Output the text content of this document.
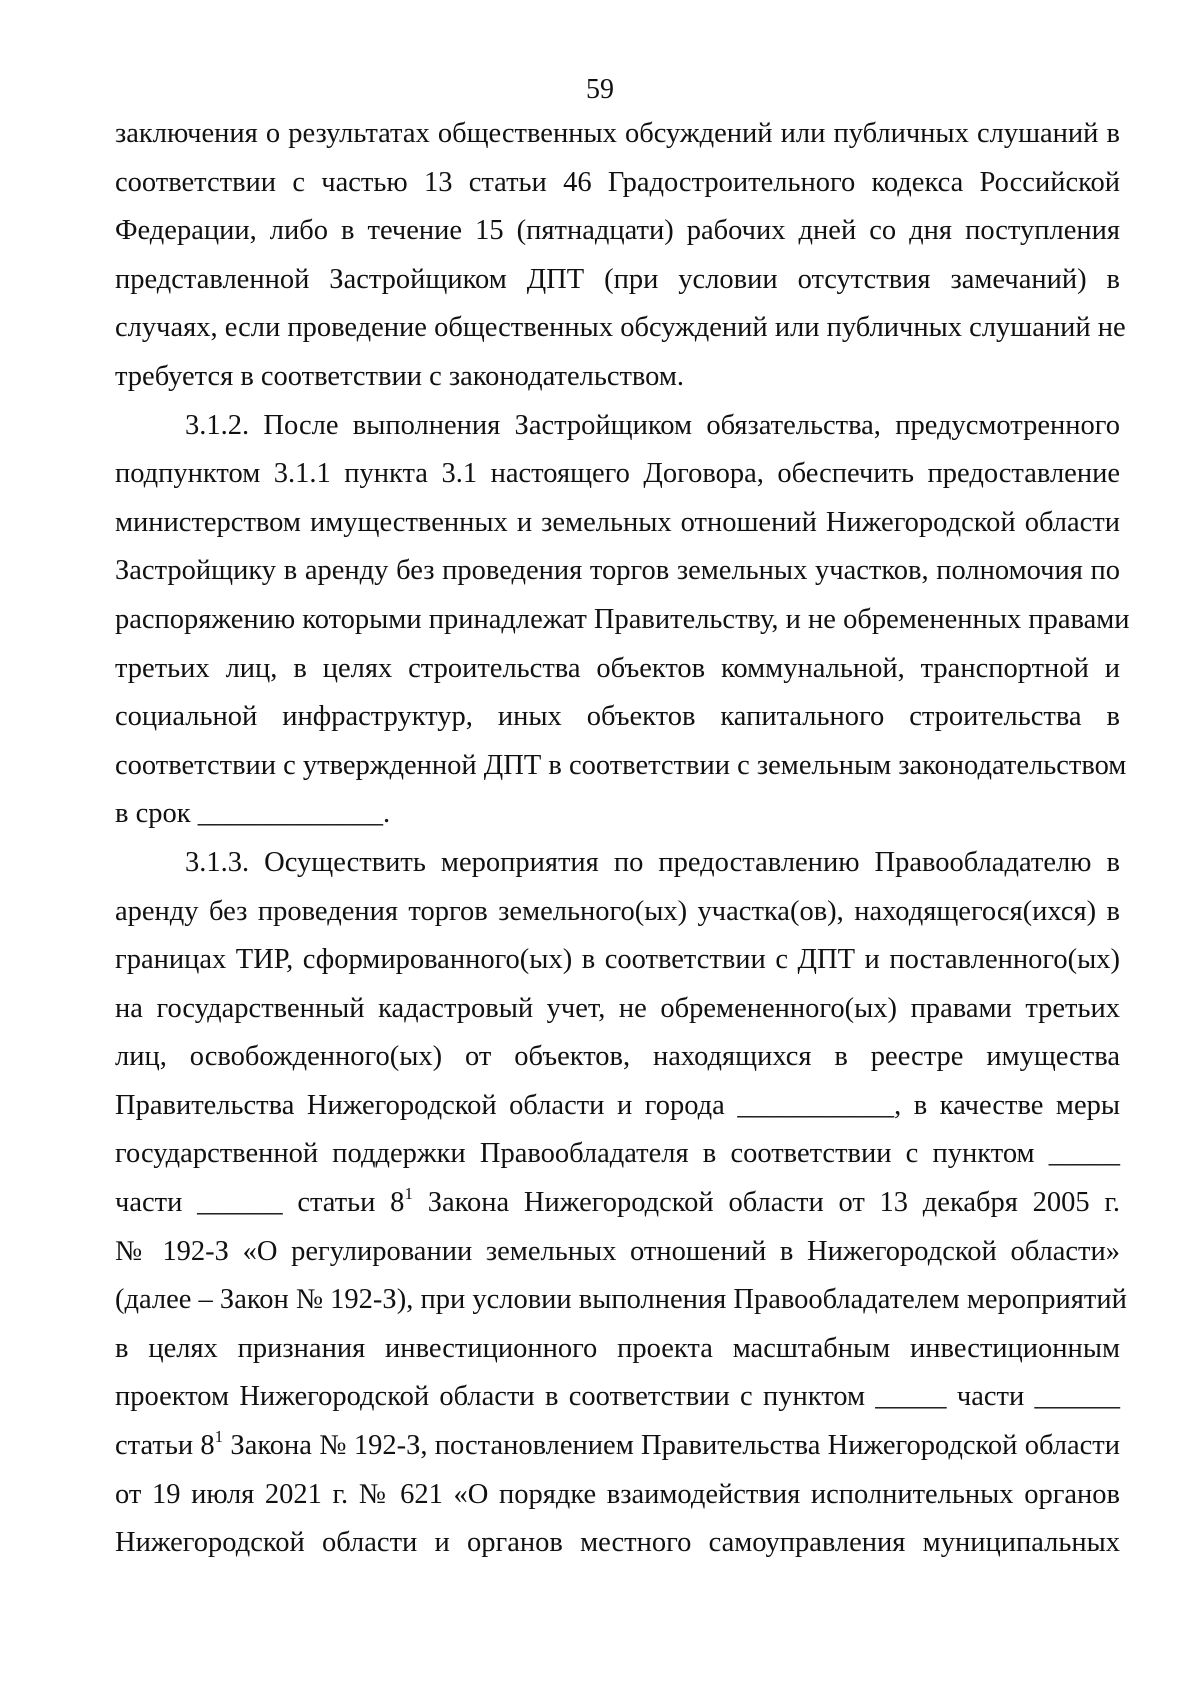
59
заключения о результатах общественных обсуждений или публичных слушаний в
соответствии с частью 13 статьи 46 Градостроительного кодекса Российской
Федерации, либо в течение 15 (пятнадцати) рабочих дней со дня поступления
представленной Застройщиком ДПТ (при условии отсутствия замечаний) в
случаях, если проведение общественных обсуждений или публичных слушаний не
требуется в соответствии с законодательством.
3.1.2. После выполнения Застройщиком обязательства, предусмотренного
подпунктом 3.1.1 пункта 3.1 настоящего Договора, обеспечить предоставление
министерством имущественных и земельных отношений Нижегородской области
Застройщику в аренду без проведения торгов земельных участков, полномочия по
распоряжению которыми принадлежат Правительству, и не обремененных правами
третьих лиц, в целях строительства объектов коммунальной, транспортной и
социальной инфраструктур, иных объектов капитального строительства в
соответствии с утвержденной ДПТ в соответствии с земельным законодательством
в срок _____________.
3.1.3. Осуществить мероприятия по предоставлению Правообладателю в
аренду без проведения торгов земельного(ых) участка(ов), находящегося(ихся) в
границах ТИР, сформированного(ых) в соответствии с ДПТ и поставленного(ых)
на государственный кадастровый учет, не обремененного(ых) правами третьих
лиц, освобожденного(ых) от объектов, находящихся в реестре имущества
Правительства Нижегородской области и города ___________, в качестве меры
государственной поддержки Правообладателя в соответствии с пунктом _____
части ______ статьи $8^1$ Закона Нижегородской области от 13 декабря 2005 г.
№ 192-З «О регулировании земельных отношений в Нижегородской области»
(далее – Закон № 192-З), при условии выполнения Правообладателем мероприятий
в целях признания инвестиционного проекта масштабным инвестиционным
проектом Нижегородской области в соответствии с пунктом _____ части ______
статьи $8^1$ Закона № 192-З, постановлением Правительства Нижегородской области
от 19 июля 2021 г. № 621 «О порядке взаимодействия исполнительных органов
Нижегородской области и органов местного самоуправления муниципальных
